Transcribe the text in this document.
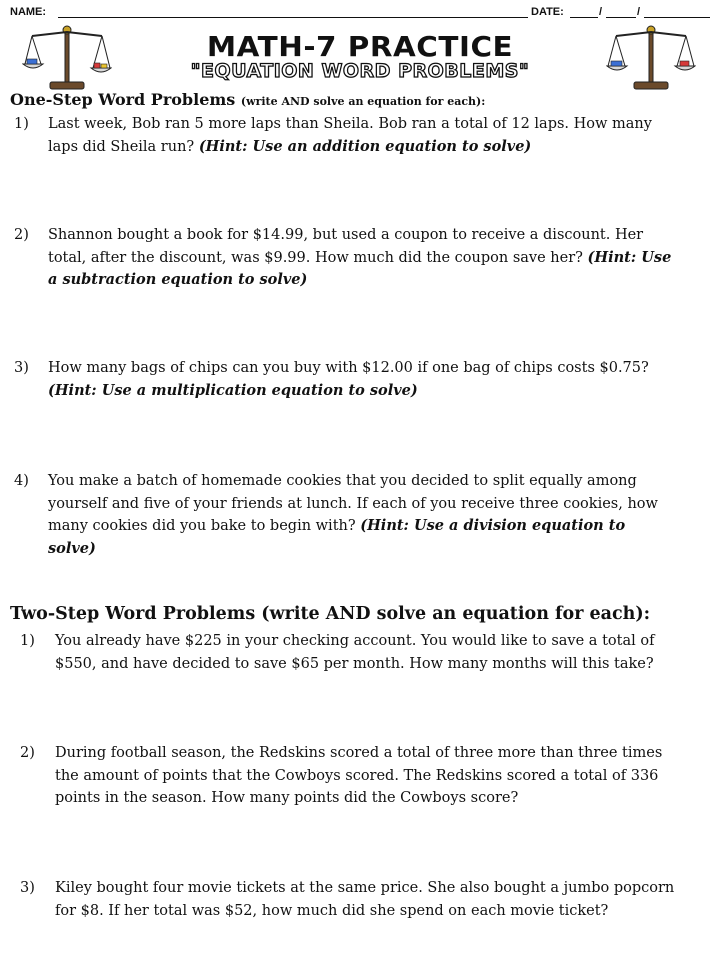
NAME:	DATE:	/	/
MATH-7 PRACTICE
"EQUATION WORD PROBLEMS"
One-Step Word Problems (write AND solve an equation for each):
1) Last week, Bob ran 5 more laps than Sheila. Bob ran a total of 12 laps. How many laps did Sheila run? (Hint: Use an addition equation to solve)
2) Shannon bought a book for $14.99, but used a coupon to receive a discount. Her total, after the discount, was $9.99. How much did the coupon save her? (Hint: Use a subtraction equation to solve)
3) How many bags of chips can you buy with $12.00 if one bag of chips costs $0.75? (Hint: Use a multiplication equation to solve)
4) You make a batch of homemade cookies that you decided to split equally among yourself and five of your friends at lunch. If each of you receive three cookies, how many cookies did you bake to begin with? (Hint: Use a division equation to solve)
Two-Step Word Problems (write AND solve an equation for each):
1) You already have $225 in your checking account. You would like to save a total of $550, and have decided to save $65 per month. How many months will this take?
2) During football season, the Redskins scored a total of three more than three times the amount of points that the Cowboys scored. The Redskins scored a total of 336 points in the season. How many points did the Cowboys score?
3) Kiley bought four movie tickets at the same price. She also bought a jumbo popcorn for $8. If her total was $52, how much did she spend on each movie ticket?
